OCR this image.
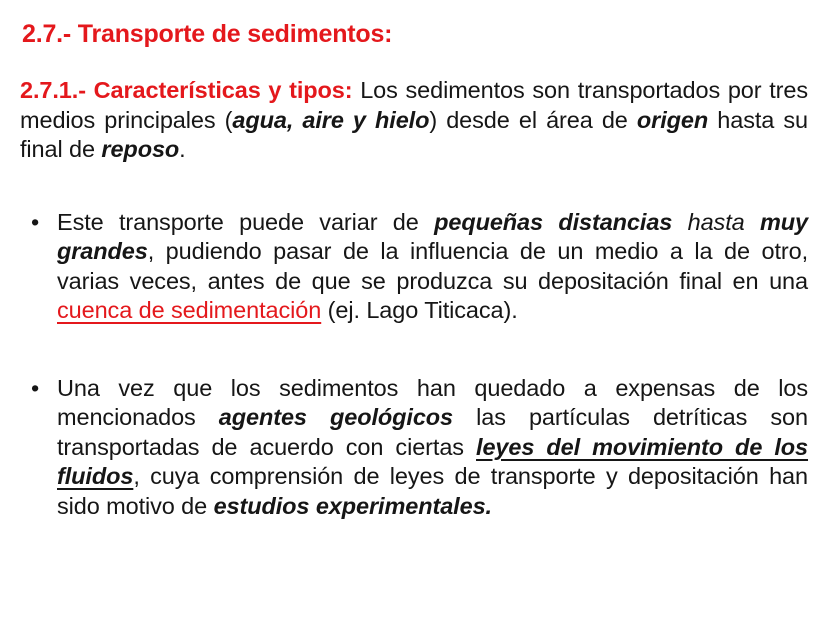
2.7.- Transporte de sedimentos:

2.7.1.- Características y tipos: Los sedimentos son transportados por tres medios principales (agua, aire y hielo) desde el área de origen hasta su final de reposo.

• Este transporte puede variar de pequeñas distancias hasta muy grandes, pudiendo pasar de la influencia de un medio a la de otro, varias veces, antes de que se produzca su depositación final en una cuenca de sedimentación (ej. Lago Titicaca).
• Una vez que los sedimentos han quedado a expensas de los mencionados agentes geológicos las partículas detríticas son transportadas de acuerdo con ciertas leyes del movimiento de los fluidos, cuya comprensión de leyes de transporte y depositación han sido motivo de estudios experimentales.
